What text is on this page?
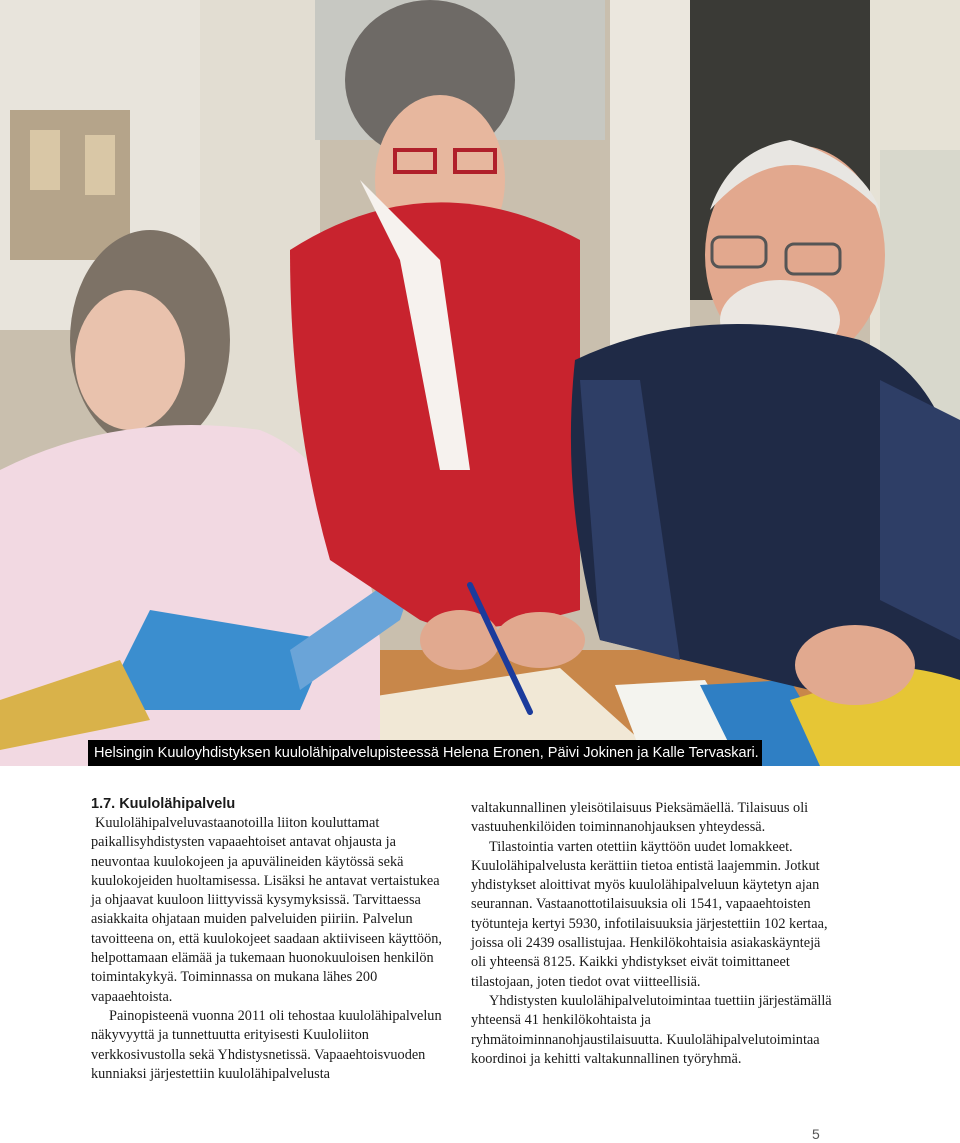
Helsingin Kuuloyhdistyksen kuulolähipalvelupisteessä Helena Eronen, Päivi Jokinen ja Kalle Tervaskari.
1.7. Kuulolähipalvelu

Kuulolähipalveluvastaanotoilla liiton kouluttamat paikallisyhdistysten vapaaehtoiset antavat ohjausta ja neuvontaa kuulokojeen ja apuvälineiden käytössä sekä kuulokojeiden huoltamisessa. Lisäksi he antavat vertaistukea ja ohjaavat kuuloon liittyvissä kysymyksissä. Tarvittaessa asiakkaita ohjataan muiden palveluiden piiriin. Palvelun tavoitteena on, että kuulokojeet saadaan aktiiviseen käyttöön, helpottamaan elämää ja tukemaan huonokuuloisen henkilön toimintakykyä. Toiminnassa on mukana lähes 200 vapaaehtoista.

Painopisteenä vuonna 2011 oli tehostaa kuulolähipalvelun näkyvyyttä ja tunnettuutta erityisesti Kuuloliiton verkkosivustolla sekä Yhdistysnetissä. Vapaaehtoisvuoden kunniaksi järjestettiin kuulolähipalvelusta

valtakunnallinen yleisötilaisuus Pieksämäellä. Tilaisuus oli vastuuhenkilöiden toiminnanohjauksen yhteydessä.

Tilastointia varten otettiin käyttöön uudet lomakkeet. Kuulolähipalvelusta kerättiin tietoa entistä laajemmin. Jotkut yhdistykset aloittivat myös kuulolähipalveluun käytetyn ajan seurannan. Vastaanottotilaisuuksia oli 1541, vapaaehtoisten työtunteja kertyi 5930, infotilaisuuksia järjestettiin 102 kertaa, joissa oli 2439 osallistujaa. Henkilökohtaisia asiakaskäyntejä oli yhteensä 8125. Kaikki yhdistykset eivät toimittaneet tilastojaan, joten tiedot ovat viitteellisiä.

Yhdistysten kuulolähipalvelutoimintaa tuettiin järjestämällä yhteensä 41 henkilökohtaista ja ryhmätoiminnanohjaustilaisuutta. Kuulolähipalvelutoimintaa koordinoi ja kehitti valtakunnallinen työryhmä.

5
